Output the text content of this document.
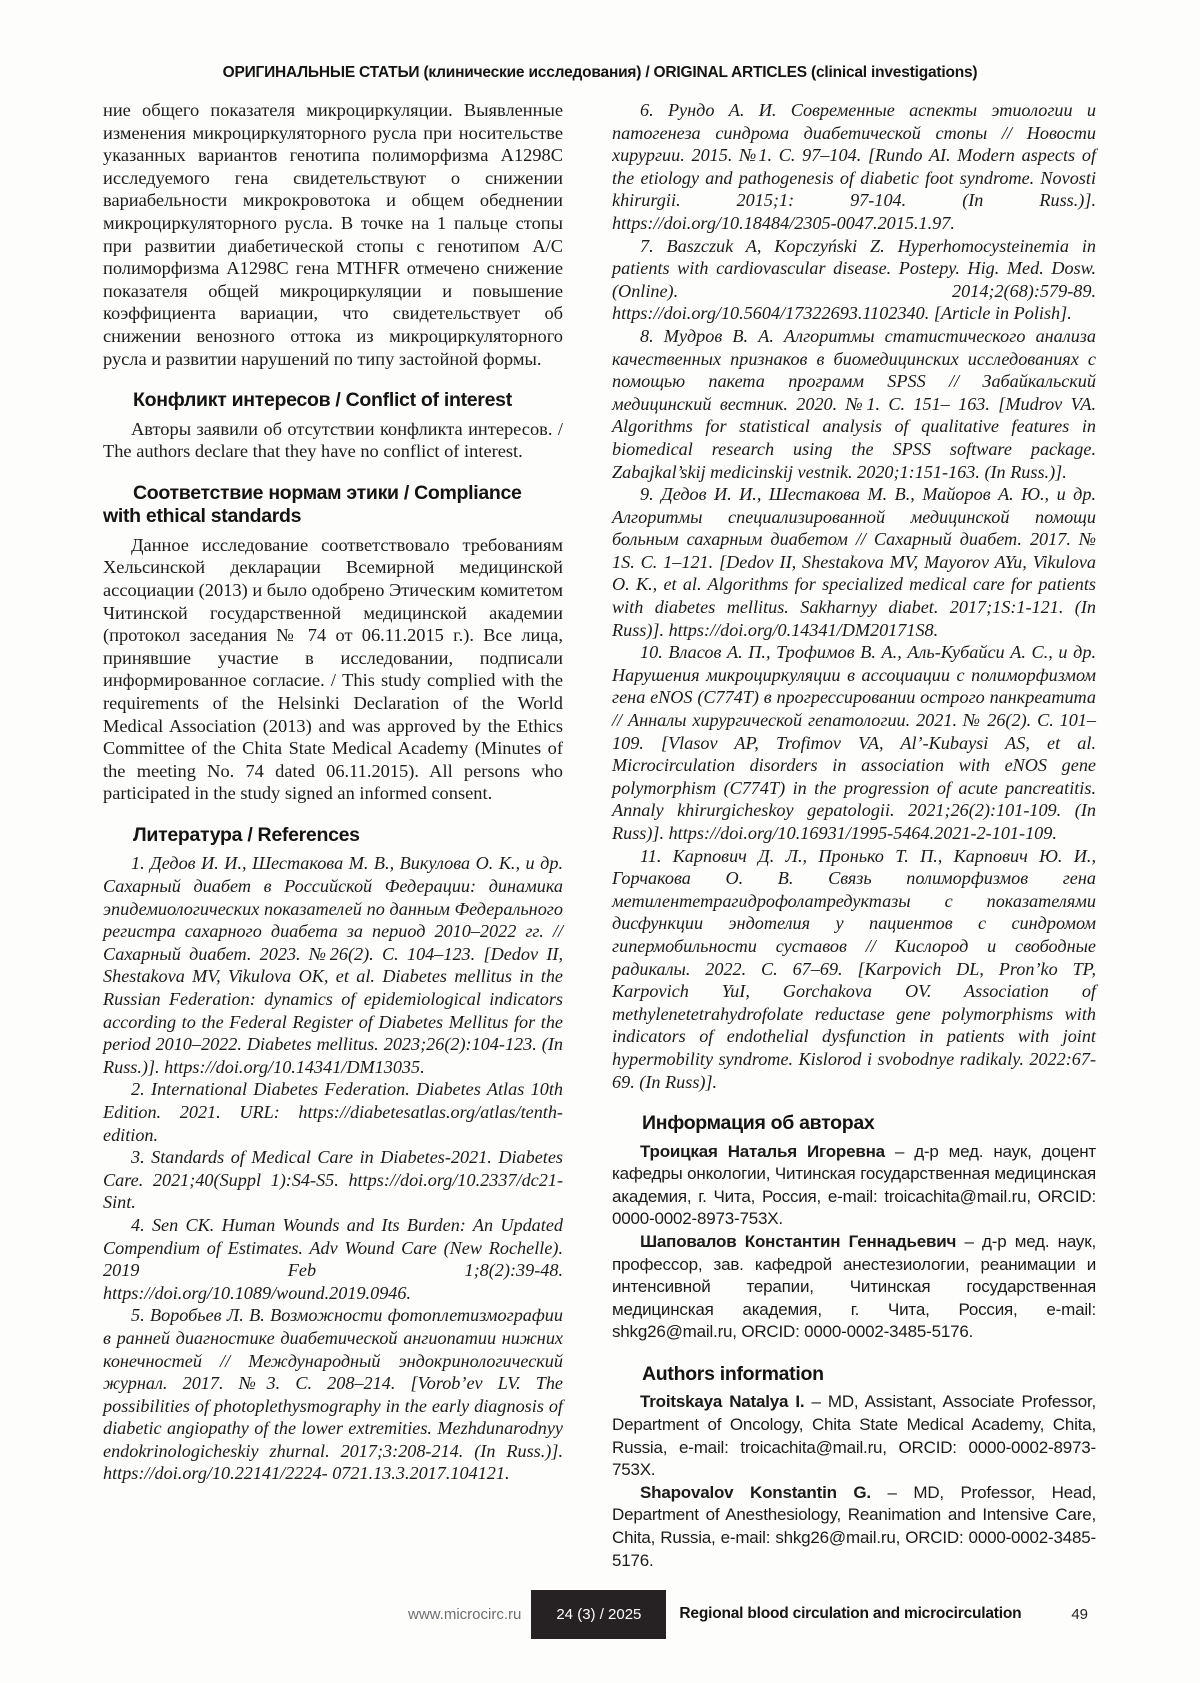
ОРИГИНАЛЬНЫЕ СТАТЬИ (клинические исследования) / ORIGINAL ARTICLES (clinical investigations)

ние общего показателя микроциркуляции. Выявленные изменения микроциркуляторного русла при носительстве указанных вариантов генотипа полиморфизма А1298С исследуемого гена свидетельствуют о снижении вариабельности микрокровотока и общем обеднении микроциркуляторного русла. В точке на 1 пальце стопы при развитии диабетической стопы с генотипом А/С полиморфизма А1298С гена MTHFR отмечено снижение показателя общей микроциркуляции и повышение коэффициента вариации, что свидетельствует об снижении венозного оттока из микроциркуляторного русла и развитии нарушений по типу застойной формы.

Конфликт интересов / Conflict of interest

Авторы заявили об отсутствии конфликта интересов. / The authors declare that they have no conflict of interest.

Соответствие нормам этики / Compliance with ethical standards

Данное исследование соответствовало требованиям Хельсинской декларации Всемирной медицинской ассоциации (2013) и было одобрено Этическим комитетом Читинской государственной медицинской академии (протокол заседания № 74 от 06.11.2015 г.). Все лица, принявшие участие в исследовании, подписали информированное согласие. / This study complied with the requirements of the Helsinki Declaration of the World Medical Association (2013) and was approved by the Ethics Committee of the Chita State Medical Academy (Minutes of the meeting No. 74 dated 06.11.2015). All persons who participated in the study signed an informed consent.

Литература / References

1. Дедов И. И., Шестакова М. В., Викулова О. К., и др. Сахарный диабет в Российской Федерации: динамика эпидемиологических показателей по данным Федерального регистра сахарного диабета за период 2010–2022 гг. // Сахарный диабет. 2023. №26(2). С. 104–123. [Dedov II, Shestakova MV, Vikulova OK, et al. Diabetes mellitus in the Russian Federation: dynamics of epidemiological indicators according to the Federal Register of Diabetes Mellitus for the period 2010–2022. Diabetes mellitus. 2023;26(2):104-123. (In Russ.)]. https://doi.org/10.14341/DM13035.

2. International Diabetes Federation. Diabetes Atlas 10th Edition. 2021. URL: https://diabetesatlas.org/atlas/tenth-edition.

3. Standards of Medical Care in Diabetes-2021. Diabetes Care. 2021;40(Suppl 1):S4-S5. https://doi.org/10.2337/dc21-Sint.

4. Sen CK. Human Wounds and Its Burden: An Updated Compendium of Estimates. Adv Wound Care (New Rochelle). 2019 Feb 1;8(2):39-48. https://doi.org/10.1089/wound.2019.0946.

5. Воробьев Л. В. Возможности фотоплетизмографии в ранней диагностике диабетической ангиопатии нижних конечностей // Международный эндокринологический журнал. 2017. №3. С. 208–214. [Vorob’ev LV. The possibilities of photoplethysmography in the early diagnosis of diabetic angiopathy of the lower extremities. Mezhdunarodnyy endokrinologicheskiy zhurnal. 2017;3:208-214. (In Russ.)]. https://doi.org/10.22141/2224- 0721.13.3.2017.104121.

6. Рундо А. И. Современные аспекты этиологии и патогенеза синдрома диабетической стопы // Новости хирургии. 2015. №1. С. 97–104. [Rundo AI. Modern aspects of the etiology and pathogenesis of diabetic foot syndrome. Novosti khirurgii. 2015;1: 97-104. (In Russ.)]. https://doi.org/10.18484/2305-0047.2015.1.97.

7. Baszczuk A, Kopczyński Z. Hyperhomocysteinemia in patients with cardiovascular disease. Postepy. Hig. Med. Dosw. (Online). 2014;2(68):579-89. https://doi.org/10.5604/17322693.1102340. [Article in Polish].

8. Мудров В. А. Алгоритмы статистического анализа качественных признаков в биомедицинских исследованиях с помощью пакета программ SPSS // Забайкальский медицинский вестник. 2020. №1. С. 151– 163. [Mudrov VA. Algorithms for statistical analysis of qualitative features in biomedical research using the SPSS software package. Zabajkal’skij medicinskij vestnik. 2020;1:151-163. (In Russ.)].

9. Дедов И. И., Шестакова М. В., Майоров А. Ю., и др. Алгоритмы специализированной медицинской помощи больным сахарным диабетом // Сахарный диабет. 2017. № 1S. С. 1–121. [Dedov II, Shestakova MV, Mayorov AYu, Vikulova O. K., et al. Algorithms for specialized medical care for patients with diabetes mellitus. Sakharnyy diabet. 2017;1S:1-121. (In Russ)]. https://doi.org/0.14341/DM20171S8.

10. Власов А. П., Трофимов В. А., Аль-Кубайси А. С., и др. Нарушения микроциркуляции в ассоциации с полиморфизмом гена eNOS (C774T) в прогрессировании острого панкреатита // Анналы хирургической гепатологии. 2021. № 26(2). С. 101–109. [Vlasov AP, Trofimov VA, Al’-Kubaysi AS, et al. Microcirculation disorders in association with eNOS gene polymorphism (C774T) in the progression of acute pancreatitis. Annaly khirurgicheskoy gepatologii. 2021;26(2):101-109. (In Russ)]. https://doi.org/10.16931/1995-5464.2021-2-101-109.

11. Карпович Д. Л., Пронько Т. П., Карпович Ю. И., Горчакова О. В. Связь полиморфизмов гена метилентетрагидрофолатредуктазы с показателями дисфункции эндотелия у пациентов с синдромом гипермобильности суставов // Кислород и свободные радикалы. 2022. С. 67–69. [Karpovich DL, Pron’ko TP, Karpovich YuI, Gorchakova OV. Association of methylenetetrahydrofolate reductase gene polymorphisms with indicators of endothelial dysfunction in patients with joint hypermobility syndrome. Kislorod i svobodnye radikaly. 2022:67-69. (In Russ)].

Информация об авторах

Троицкая Наталья Игоревна – д-р мед. наук, доцент кафедры онкологии, Читинская государственная медицинская академия, г. Чита, Россия, e-mail: troicachita@mail.ru, ORCID: 0000-0002-8973-753X.

Шаповалов Константин Геннадьевич – д-р мед. наук, профессор, зав. кафедрой анестезиологии, реанимации и интенсивной терапии, Читинская государственная медицинская академия, г. Чита, Россия, e-mail: shkg26@mail.ru, ORCID: 0000-0002-3485-5176.

Authors information

Troitskaya Natalya I. – MD, Assistant, Associate Professor, Department of Oncology, Chita State Medical Academy, Chita, Russia, e-mail: troicachita@mail.ru, ORCID: 0000-0002-8973-753X.

Shapovalov Konstantin G. – MD, Professor, Head, Department of Anesthesiology, Reanimation and Intensive Care, Chita, Russia, e-mail: shkg26@mail.ru, ORCID: 0000-0002-3485-5176.

www.microcirc.ru	24 (3) / 2025	Regional blood circulation and microcirculation	49
